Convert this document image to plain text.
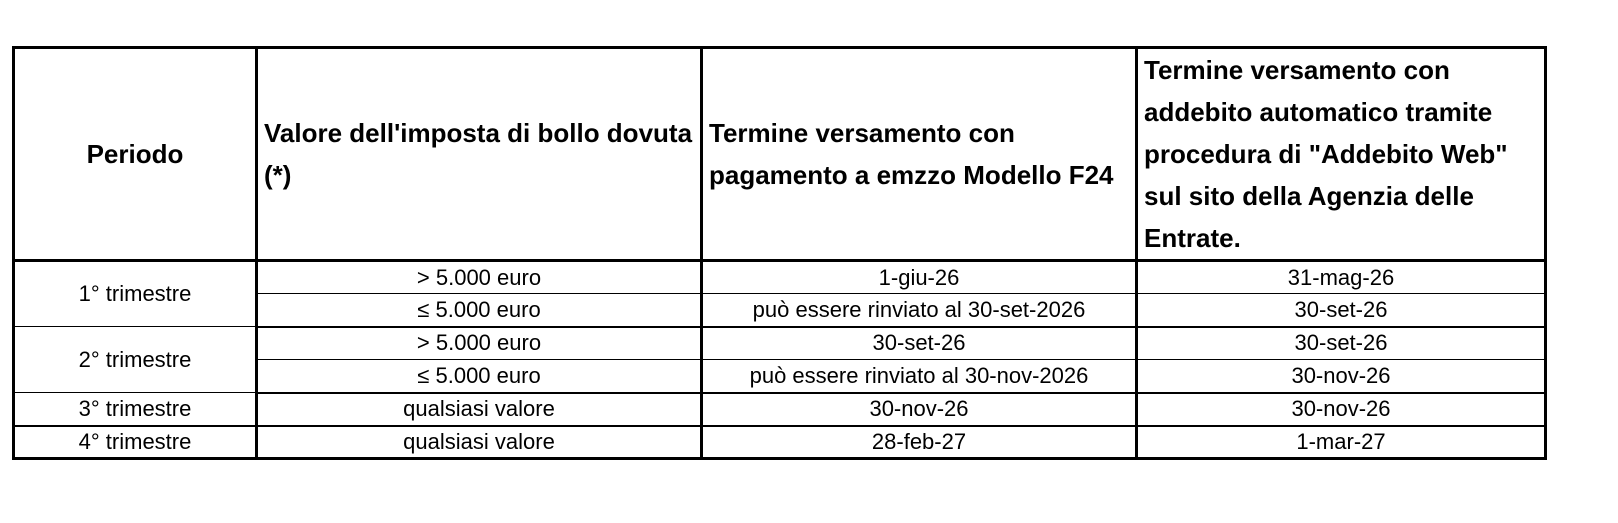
Periodo	Valore dell'imposta di bollo dovuta (*)	Termine versamento con pagamento a emzzo Modello F24	Termine versamento con addebito automatico tramite procedura di "Addebito Web" sul sito della Agenzia delle Entrate.
1° trimestre	> 5.000 euro	1-giu-26	31-mag-26
	≤ 5.000 euro	può essere rinviato al 30-set-2026	30-set-26
2° trimestre	> 5.000 euro	30-set-26	30-set-26
	≤ 5.000 euro	può essere rinviato al 30-nov-2026	30-nov-26
3° trimestre	qualsiasi valore	30-nov-26	30-nov-26
4° trimestre	qualsiasi valore	28-feb-27	1-mar-27
